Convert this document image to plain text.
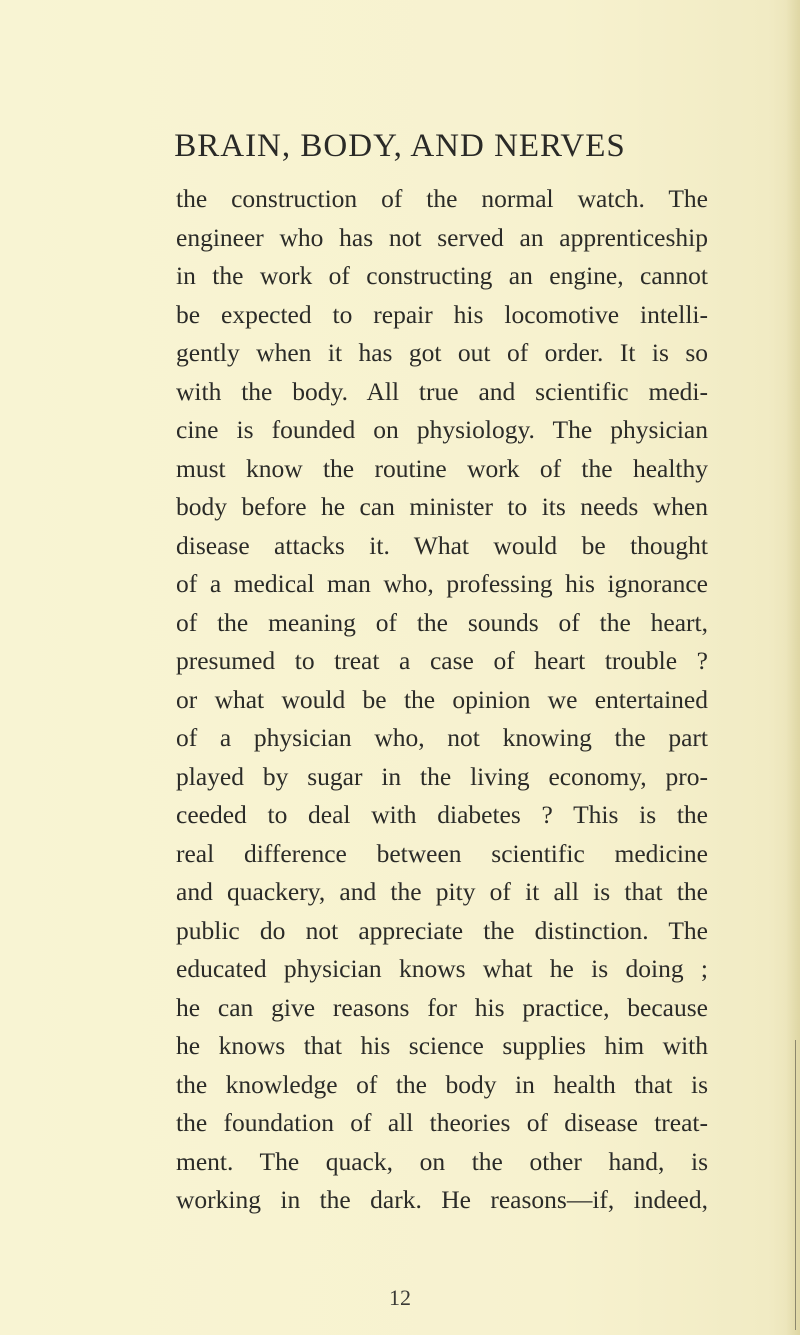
BRAIN, BODY, AND NERVES
the construction of the normal watch. The
engineer who has not served an apprenticeship
in the work of constructing an engine, cannot
be expected to repair his locomotive intelli-
gently when it has got out of order. It is so
with the body. All true and scientific medi-
cine is founded on physiology. The physician
must know the routine work of the healthy
body before he can minister to its needs when
disease attacks it. What would be thought
of a medical man who, professing his ignorance
of the meaning of the sounds of the heart,
presumed to treat a case of heart trouble ?
or what would be the opinion we entertained
of a physician who, not knowing the part
played by sugar in the living economy, pro-
ceeded to deal with diabetes ? This is the
real difference between scientific medicine
and quackery, and the pity of it all is that the
public do not appreciate the distinction. The
educated physician knows what he is doing ;
he can give reasons for his practice, because
he knows that his science supplies him with
the knowledge of the body in health that is
the foundation of all theories of disease treat-
ment. The quack, on the other hand, is
working in the dark. He reasons—if, indeed,
12
